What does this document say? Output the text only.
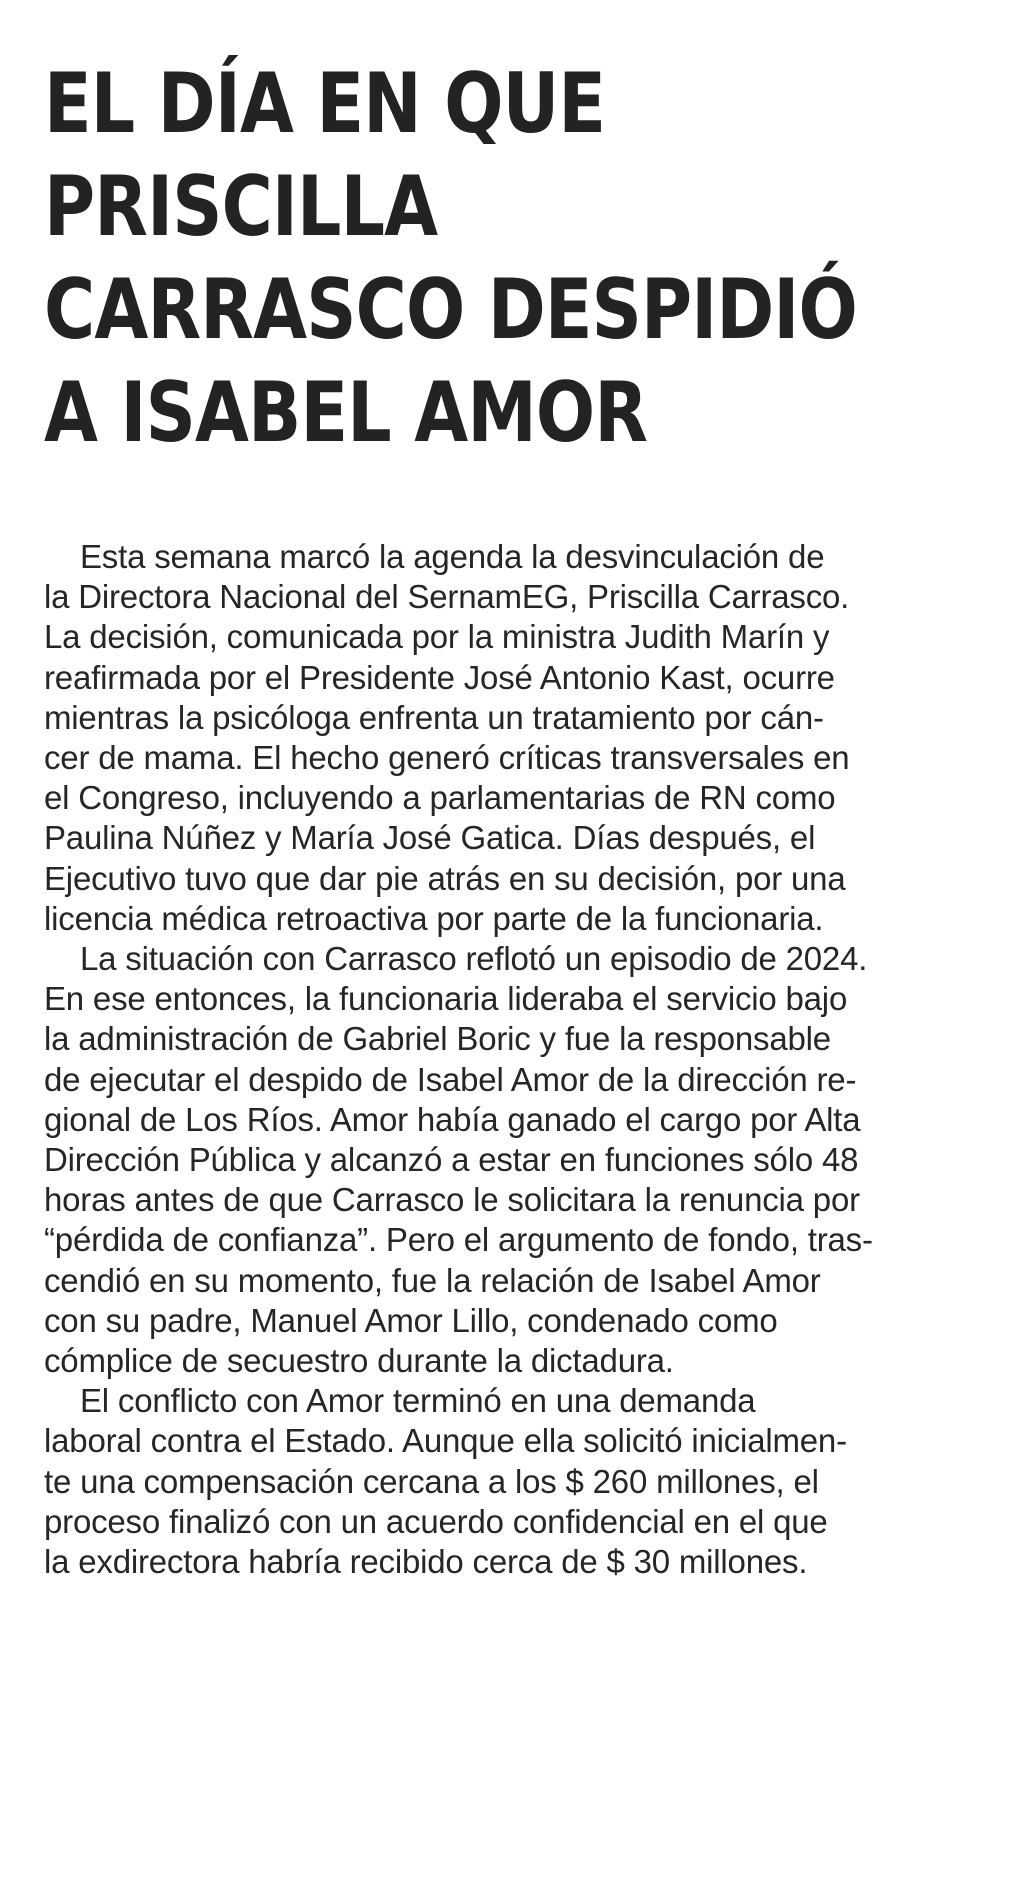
EL DÍA EN QUE
PRISCILLA
CARRASCO DESPIDIÓ
A ISABEL AMOR

Esta semana marcó la agenda la desvinculación de
la Directora Nacional del SernamEG, Priscilla Carrasco.
La decisión, comunicada por la ministra Judith Marín y
reafirmada por el Presidente José Antonio Kast, ocurre
mientras la psicóloga enfrenta un tratamiento por cán-
cer de mama. El hecho generó críticas transversales en
el Congreso, incluyendo a parlamentarias de RN como
Paulina Núñez y María José Gatica. Días después, el
Ejecutivo tuvo que dar pie atrás en su decisión, por una
licencia médica retroactiva por parte de la funcionaria.

La situación con Carrasco reflotó un episodio de 2024.
En ese entonces, la funcionaria lideraba el servicio bajo
la administración de Gabriel Boric y fue la responsable
de ejecutar el despido de Isabel Amor de la dirección re-
gional de Los Ríos. Amor había ganado el cargo por Alta
Dirección Pública y alcanzó a estar en funciones sólo 48
horas antes de que Carrasco le solicitara la renuncia por
“pérdida de confianza”. Pero el argumento de fondo, tras-
cendió en su momento, fue la relación de Isabel Amor
con su padre, Manuel Amor Lillo, condenado como
cómplice de secuestro durante la dictadura.

El conflicto con Amor terminó en una demanda
laboral contra el Estado. Aunque ella solicitó inicialmen-
te una compensación cercana a los $ 260 millones, el
proceso finalizó con un acuerdo confidencial en el que
la exdirectora habría recibido cerca de $ 30 millones.
